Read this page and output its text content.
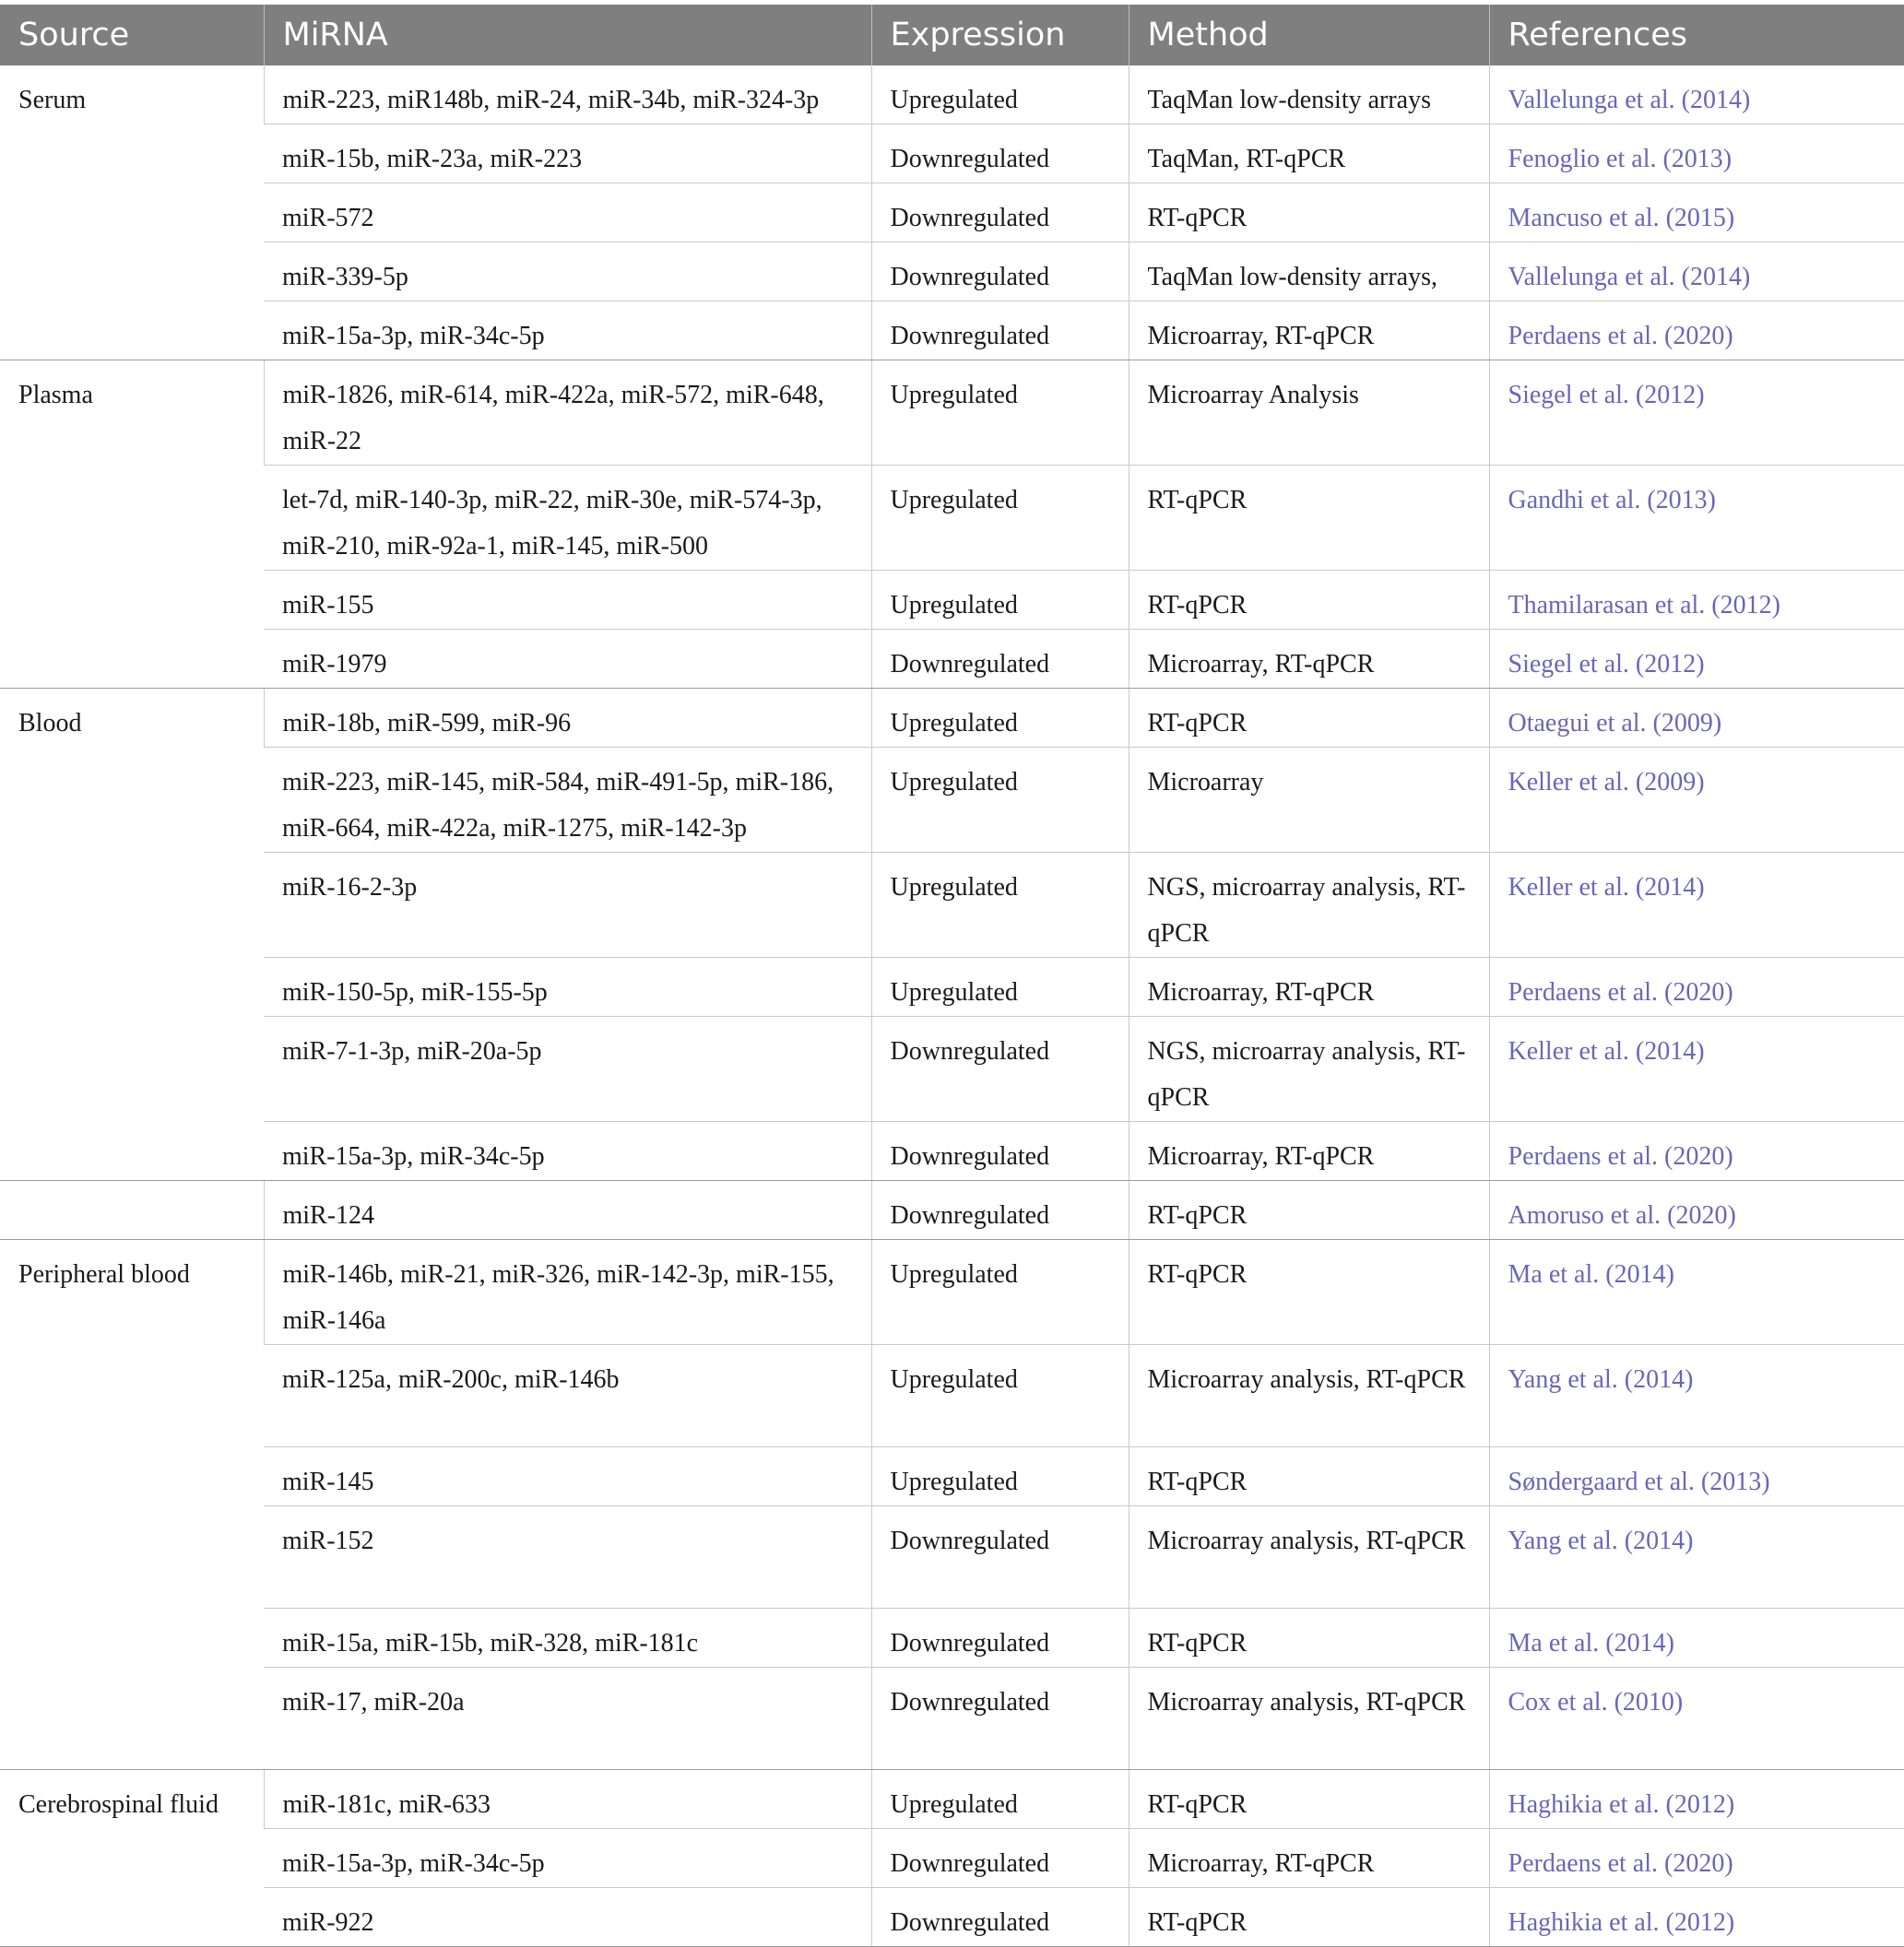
Source	MiRNA	Expression	Method	References
Serum	miR-223, miR148b, miR-24, miR-34b, miR-324-3p	Upregulated	TaqMan low-density arrays	Vallelunga et al. (2014)
	miR-15b, miR-23a, miR-223	Downregulated	TaqMan, RT-qPCR	Fenoglio et al. (2013)
	miR-572	Downregulated	RT-qPCR	Mancuso et al. (2015)
	miR-339-5p	Downregulated	TaqMan low-density arrays,	Vallelunga et al. (2014)
	miR-15a-3p, miR-34c-5p	Downregulated	Microarray, RT-qPCR	Perdaens et al. (2020)
Plasma	miR-1826, miR-614, miR-422a, miR-572, miR-648, miR-22	Upregulated	Microarray Analysis	Siegel et al. (2012)
	let-7d, miR-140-3p, miR-22, miR-30e, miR-574-3p, miR-210, miR-92a-1, miR-145, miR-500	Upregulated	RT-qPCR	Gandhi et al. (2013)
	miR-155	Upregulated	RT-qPCR	Thamilarasan et al. (2012)
	miR-1979	Downregulated	Microarray, RT-qPCR	Siegel et al. (2012)
Blood	miR-18b, miR-599, miR-96	Upregulated	RT-qPCR	Otaegui et al. (2009)
	miR-223, miR-145, miR-584, miR-491-5p, miR-186, miR-664, miR-422a, miR-1275, miR-142-3p	Upregulated	Microarray	Keller et al. (2009)
	miR-16-2-3p	Upregulated	NGS, microarray analysis, RT-qPCR	Keller et al. (2014)
	miR-150-5p, miR-155-5p	Upregulated	Microarray, RT-qPCR	Perdaens et al. (2020)
	miR-7-1-3p, miR-20a-5p	Downregulated	NGS, microarray analysis, RT-qPCR	Keller et al. (2014)
	miR-15a-3p, miR-34c-5p	Downregulated	Microarray, RT-qPCR	Perdaens et al. (2020)
	miR-124	Downregulated	RT-qPCR	Amoruso et al. (2020)
Peripheral blood	miR-146b, miR-21, miR-326, miR-142-3p, miR-155, miR-146a	Upregulated	RT-qPCR	Ma et al. (2014)
	miR-125a, miR-200c, miR-146b	Upregulated	Microarray analysis, RT-qPCR	Yang et al. (2014)
	miR-145	Upregulated	RT-qPCR	Søndergaard et al. (2013)
	miR-152	Downregulated	Microarray analysis, RT-qPCR	Yang et al. (2014)
	miR-15a, miR-15b, miR-328, miR-181c	Downregulated	RT-qPCR	Ma et al. (2014)
	miR-17, miR-20a	Downregulated	Microarray analysis, RT-qPCR	Cox et al. (2010)
Cerebrospinal fluid	miR-181c, miR-633	Upregulated	RT-qPCR	Haghikia et al. (2012)
	miR-15a-3p, miR-34c-5p	Downregulated	Microarray, RT-qPCR	Perdaens et al. (2020)
	miR-922	Downregulated	RT-qPCR	Haghikia et al. (2012)
